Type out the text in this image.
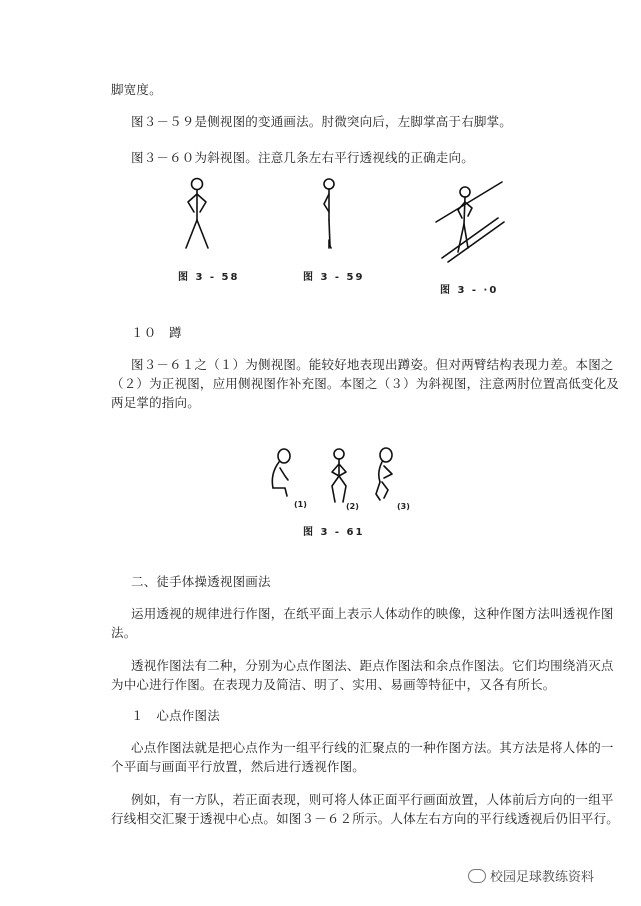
脚宽度。
图３－５９是侧视图的变通画法。肘微突向后，左脚掌高于右脚掌。
图３－６０为斜视图。注意几条左右平行透视线的正确走向。
图 3 - 58	图 3 - 59
图 3 - ·0
１０　蹲
图３－６１之（１）为侧视图。能较好地表现出蹲姿。但对两臂结构表现力差。本图之
（２）为正视图，应用侧视图作补充图。本图之（３）为斜视图，注意两肘位置高低变化及
两足掌的指向。
(1)	(2)	(3)
图 3 - 61
二、徒手体操透视图画法
运用透视的规律进行作图，在纸平面上表示人体动作的映像，这种作图方法叫透视作图
法。
透视作图法有二种，分别为心点作图法、距点作图法和余点作图法。它们均围绕消灭点
为中心进行作图。在表现力及简洁、明了、实用、易画等特征中，又各有所长。
１　心点作图法
心点作图法就是把心点作为一组平行线的汇聚点的一种作图方法。其方法是将人体的一
个平面与画面平行放置，然后进行透视作图。
例如，有一方队，若正面表现，则可将人体正面平行画面放置，人体前后方向的一组平
行线相交汇聚于透视中心点。如图３－６２所示。人体左右方向的平行线透视后仍旧平行。
校园足球教练资料
